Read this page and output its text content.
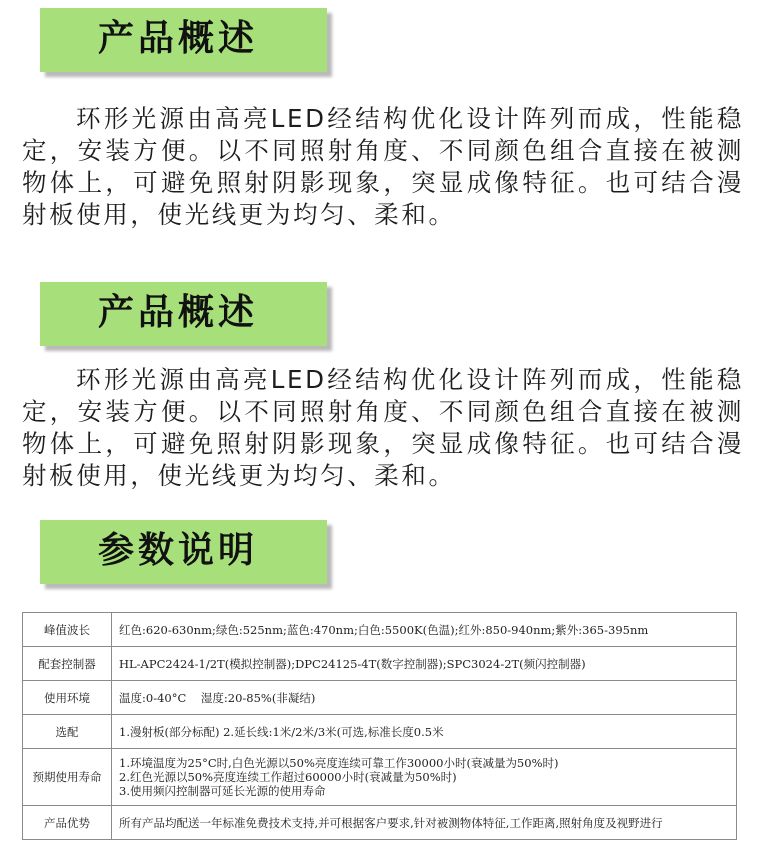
产品概述

环形光源由高亮LED经结构优化设计阵列而成，性能稳定，安装方便。以不同照射角度、不同颜色组合直接在被测物体上，可避免照射阴影现象，突显成像特征。也可结合漫射板使用，使光线更为均匀、柔和。

产品概述

环形光源由高亮LED经结构优化设计阵列而成，性能稳定，安装方便。以不同照射角度、不同颜色组合直接在被测物体上，可避免照射阴影现象，突显成像特征。也可结合漫射板使用，使光线更为均匀、柔和。

参数说明
峰值波长	红色:620-630nm;绿色:525nm;蓝色:470nm;白色:5500K(色温);红外:850-940nm;紫外:365-395nm
配套控制器	HL-APC2424-1/2T(模拟控制器);DPC24125-4T(数字控制器);SPC3024-2T(频闪控制器)
使用环境	温度:0-40°C    湿度:20-85%(非凝结)
选配	1.漫射板(部分标配) 2.延长线:1米/2米/3米(可选,标准长度0.5米
预期使用寿命	1.环境温度为25°C时,白色光源以50%亮度连续可靠工作30000小时(衰减量为50%时)
2.红色光源以50%亮度连续工作超过60000小时(衰减量为50%时)
3.使用频闪控制器可延长光源的使用寿命

产品优势	所有产品均配送一年标准免费技术支持,并可根据客户要求,针对被测物体特征,工作距离,照射角度及视野进行
